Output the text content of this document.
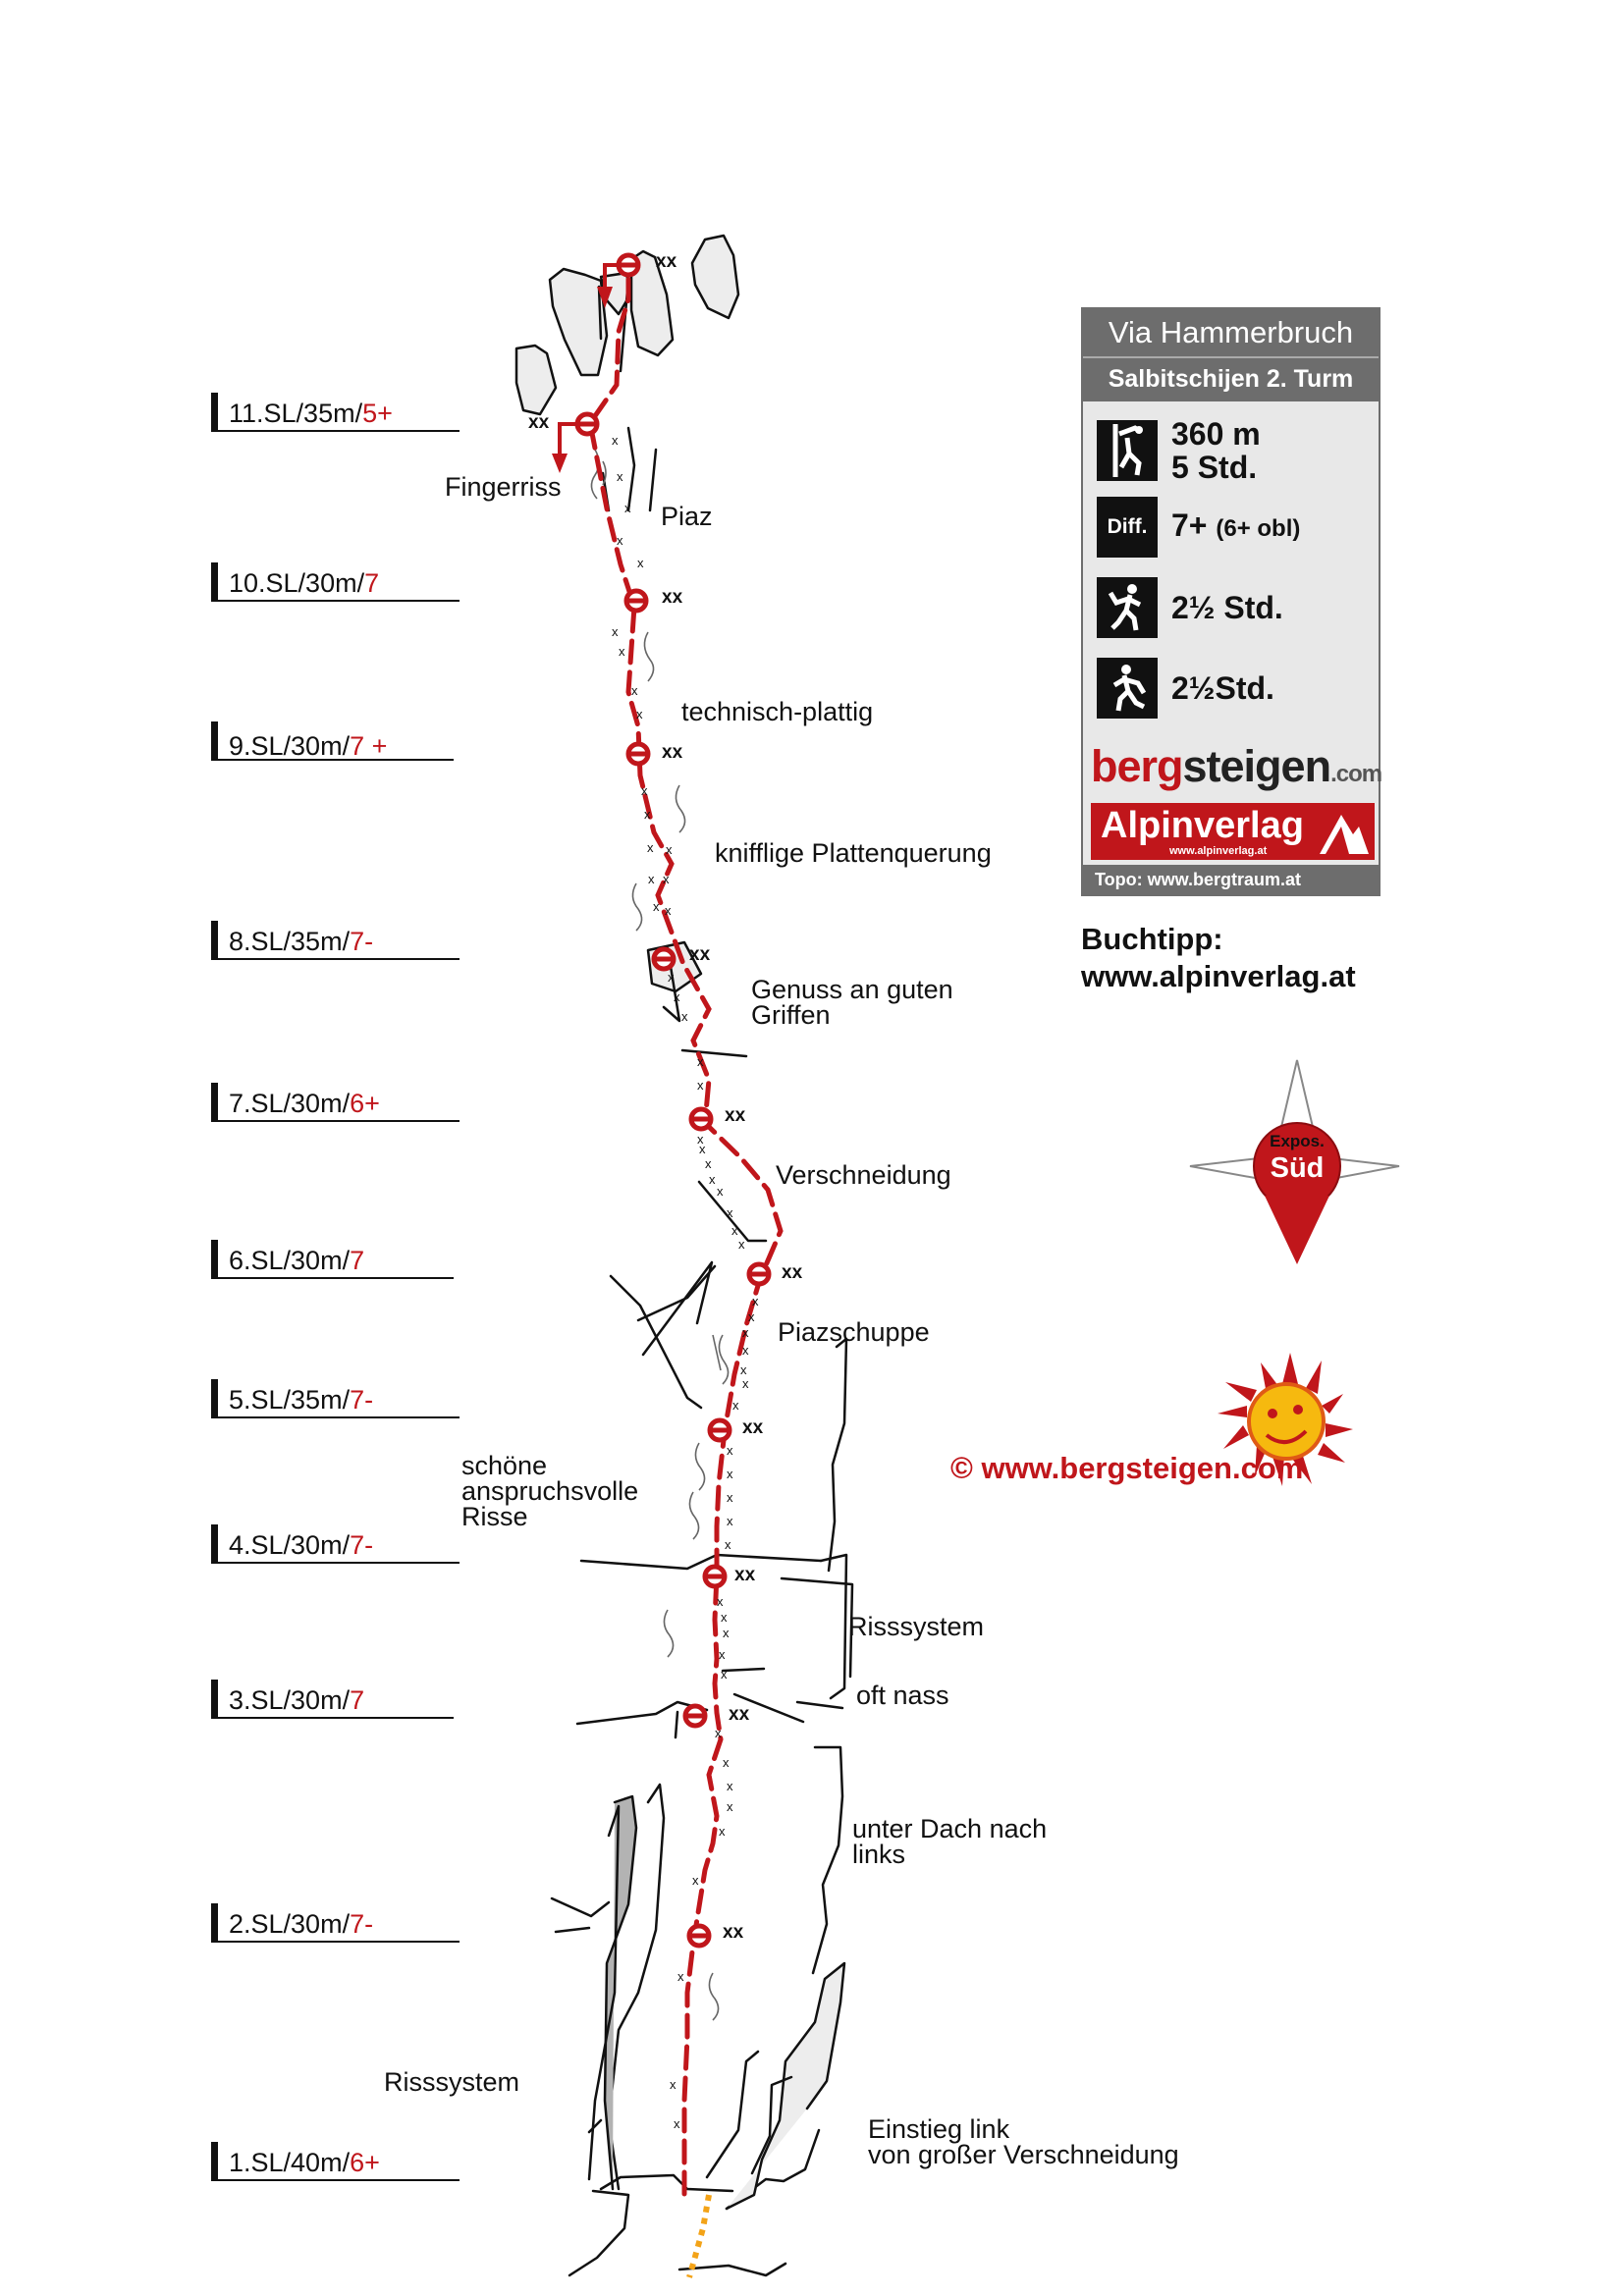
x
x
x
x
x
x
x
x
x
x
x
x
x
x
x
x
x
x
x
x
x
x
x
x
x
x
x
x
x
x
x
x
x
x
x
x
x
x
x
x
x
x
x
x
x
x
x
x
x
x
x
x
x
x
x
x
11.SL/35m/5+
10.SL/30m/7
9.SL/30m/7 +
8.SL/35m/7-
7.SL/30m/6+
6.SL/30m/7
5.SL/35m/7-
4.SL/30m/7-
3.SL/30m/7
2.SL/30m/7-
1.SL/40m/6+
xx
xx
xx
xx
xx
xx
xx
xx
xx
xx
xx
Fingerriss
Piaz
technisch-plattig
knifflige Plattenquerung
Genuss an guten
Griffen
Verschneidung
Piazschuppe
schöne
anspruchsvolle
Risse
Risssystem
oft nass
unter Dach nach
links
Risssystem
Einstieg link
von großer Verschneidung
Via Hammerbruch
Salbitschijen 2. Turm
360 m
5 Std.
Diff. 7+ (6+ obl)
2½ Std.
2½Std.
bergsteigen.com
Alpinverlag
www.alpinverlag.at
Topo: www.bergtraum.at
Buchtipp:
www.alpinverlag.at
Expos.
Süd
© www.bergsteigen.com
